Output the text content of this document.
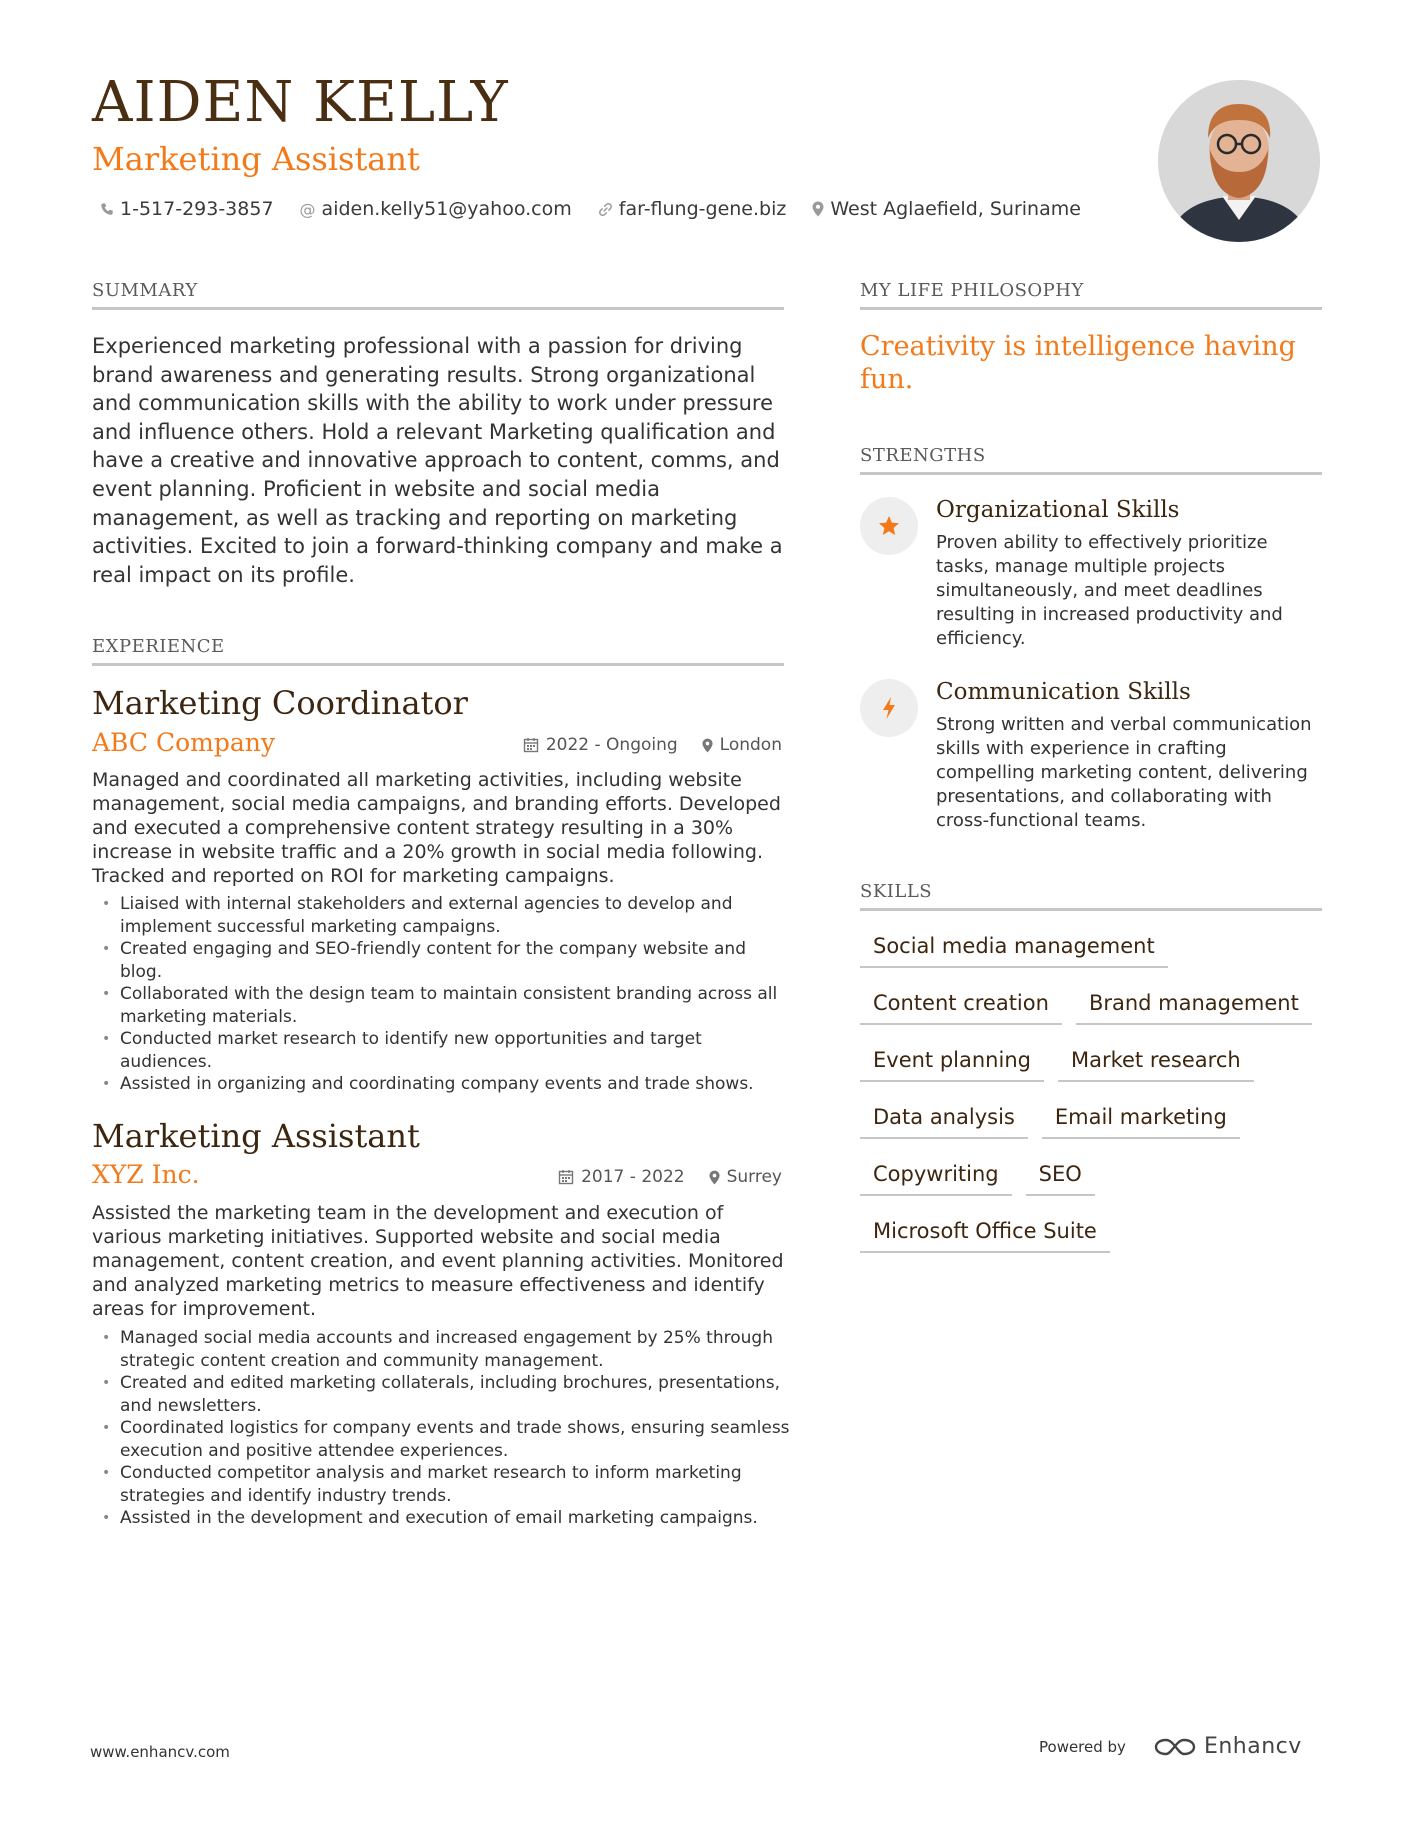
AIDEN KELLY
Marketing Assistant
1-517-293-3857 @ aiden.kelly51@yahoo.com far-flung-gene.biz West Aglaefield, Suriname
SUMMARY
Experienced marketing professional with a passion for driving brand awareness and generating results. Strong organizational and communication skills with the ability to work under pressure and influence others. Hold a relevant Marketing qualification and have a creative and innovative approach to content, comms, and event planning. Proficient in website and social media management, as well as tracking and reporting on marketing activities. Excited to join a forward-thinking company and make a real impact on its profile.
EXPERIENCE
Marketing Coordinator
ABC Company	2022 - Ongoing London
Managed and coordinated all marketing activities, including website management, social media campaigns, and branding efforts. Developed and executed a comprehensive content strategy resulting in a 30% increase in website traffic and a 20% growth in social media following. Tracked and reported on ROI for marketing campaigns.
• Liaised with internal stakeholders and external agencies to develop and implement successful marketing campaigns.
• Created engaging and SEO-friendly content for the company website and blog.
• Collaborated with the design team to maintain consistent branding across all marketing materials.
• Conducted market research to identify new opportunities and target audiences.
• Assisted in organizing and coordinating company events and trade shows.
Marketing Assistant
XYZ Inc.	2017 - 2022 Surrey
Assisted the marketing team in the development and execution of various marketing initiatives. Supported website and social media management, content creation, and event planning activities. Monitored and analyzed marketing metrics to measure effectiveness and identify areas for improvement.
• Managed social media accounts and increased engagement by 25% through strategic content creation and community management.
• Created and edited marketing collaterals, including brochures, presentations, and newsletters.
• Coordinated logistics for company events and trade shows, ensuring seamless execution and positive attendee experiences.
• Conducted competitor analysis and market research to inform marketing strategies and identify industry trends.
• Assisted in the development and execution of email marketing campaigns.
MY LIFE PHILOSOPHY
Creativity is intelligence having fun.
STRENGTHS
Organizational Skills
Proven ability to effectively prioritize tasks, manage multiple projects simultaneously, and meet deadlines resulting in increased productivity and efficiency.
Communication Skills
Strong written and verbal communication skills with experience in crafting compelling marketing content, delivering presentations, and collaborating with cross-functional teams.
SKILLS
Social media management
Content creation	Brand management
Event planning	Market research
Data analysis	Email marketing
Copywriting	SEO
Microsoft Office Suite
www.enhancv.com	Powered by	Enhancv
